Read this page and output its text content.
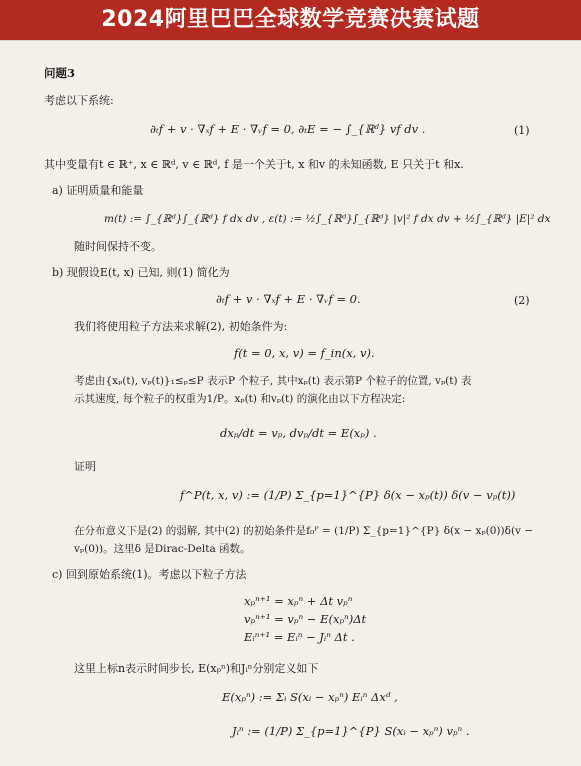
2024阿里巴巴全球数学竞赛决赛试题
问题3
考虑以下系统:
∂ₜf + v · ∇ₓf + E · ∇ᵥf = 0, ∂ₜE = − ∫_{ℝᵈ} vf dv .	(1)
其中变量有t ∈ ℝ⁺, x ∈ ℝᵈ, v ∈ ℝᵈ, f 是一个关于t, x 和v 的未知函数, E 只关于t 和x.
a) 证明质量和能量
m(t) := ∫_{ℝᵈ}∫_{ℝᵈ} f dx dv , ε(t) := ½∫_{ℝᵈ}∫_{ℝᵈ} |v|² f dx dv + ½∫_{ℝᵈ} |E|² dx
随时间保持不变。
b) 现假设E(t, x) 已知, 则(1) 简化为
∂ₜf + v · ∇ₓf + E · ∇ᵥf = 0.	(2)
我们将使用粒子方法来求解(2), 初始条件为:
f(t = 0, x, v) = f_in(x, v).
考虑由{xₚ(t), vₚ(t)}₁≤ₚ≤P 表示P 个粒子, 其中xₚ(t) 表示第P 个粒子的位置, vₚ(t) 表
示其速度, 每个粒子的权重为1/P。xₚ(t) 和vₚ(t) 的演化由以下方程决定:
dxₚ/dt = vₚ, dvₚ/dt = E(xₚ) .
证明
f^P(t, x, v) := (1/P) Σ_{p=1}^{P} δ(x − xₚ(t)) δ(v − vₚ(t))
在分布意义下是(2) 的弱解, 其中(2) 的初始条件是f₀ᴾ = (1/P) Σ_{p=1}^{P} δ(x − xₚ(0))δ(v −
vₚ(0))。这里δ 是Dirac-Delta 函数。
c) 回到原始系统(1)。考虑以下粒子方法
xₚⁿ⁺¹ = xₚⁿ + Δt vₚⁿ
vₚⁿ⁺¹ = vₚⁿ − E(xₚⁿ)Δt
Eᵢⁿ⁺¹ = Eᵢⁿ − Jᵢⁿ Δt .
这里上标n表示时间步长, E(xₚⁿ)和Jᵢⁿ分别定义如下
E(xₚⁿ) := Σᵢ S(xᵢ − xₚⁿ) Eᵢⁿ Δxᵈ ,
Jᵢⁿ := (1/P) Σ_{p=1}^{P} S(xᵢ − xₚⁿ) vₚⁿ .
